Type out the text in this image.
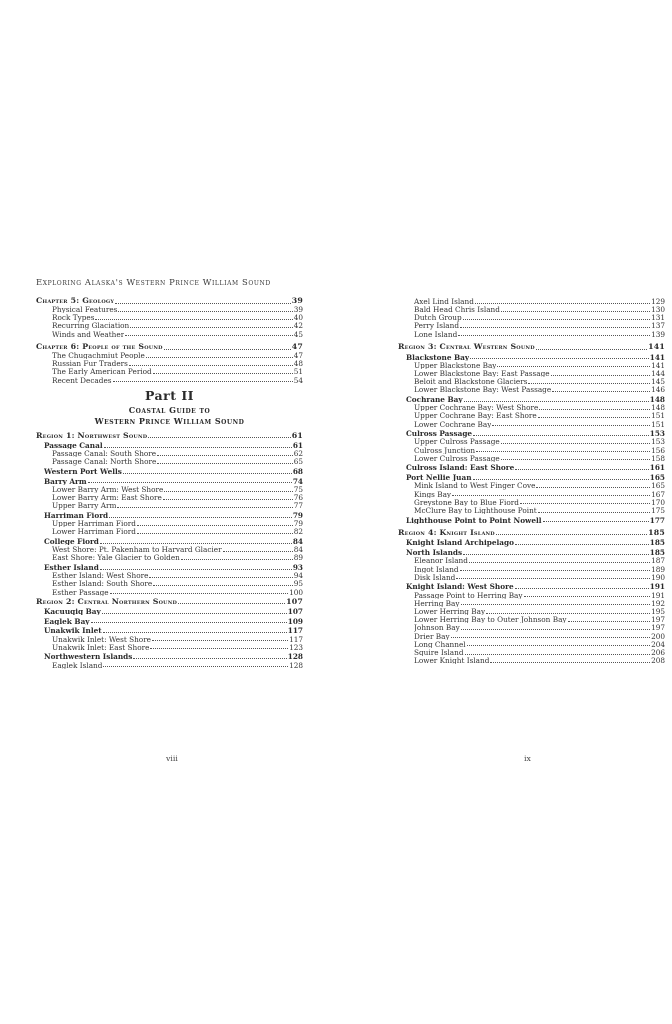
Exploring Alaska's Western Prince William Sound
Chapter 5: Geology	39
Physical Features	39
Rock Types	40
Recurring Glaciation	42
Winds and Weather	45
Chapter 6: People of the Sound	47
The Chugachmiut People	47
Russian Fur Traders	48
The Early American Period	51
Recent Decades	54
Part II
Coastal Guide to
Western Prince William Sound
Region 1: Northwest Sound	61
Passage Canal	61
Passage Canal: South Shore	62
Passage Canal: North Shore	65
Western Port Wells	68
Barry Arm	74
Lower Barry Arm: West Shore	75
Lower Barry Arm: East Shore	76
Upper Barry Arm	77
Harriman Fiord	79
Upper Harriman Fiord	79
Lower Harriman Fiord	82
College Fiord	84
West Shore: Pt. Pakenham to Harvard Glacier	84
East Shore: Yale Glacier to Golden	89
Esther Island	93
Esther Island: West Shore	94
Esther Island: South Shore	95
Esther Passage	100
Region 2: Central Northern Sound	107
Kacuuqiq Bay	107
Eaglek Bay	109
Unakwik Inlet	117
Unakwik Inlet: West Shore	117
Unakwik Inlet: East Shore	123
Northwestern Islands	128
Eaglek Island	128
Axel Lind Island	129
Bald Head Chris Island	130
Dutch Group	131
Perry Island	137
Lone Island	139
Region 3: Central Western Sound	141
Blackstone Bay	141
Upper Blackstone Bay	141
Lower Blackstone Bay: East Passage	144
Beloit and Blackstone Glaciers	145
Lower Blackstone Bay: West Passage	146
Cochrane Bay	148
Upper Cochrane Bay: West Shore	148
Upper Cochrane Bay: East Shore	151
Lower Cochrane Bay	151
Culross Passage	153
Upper Culross Passage	153
Culross Junction	156
Lower Culross Passage	158
Culross Island: East Shore	161
Port Nellie Juan	165
Mink Island to West Finger Cove	165
Kings Bay	167
Greystone Bay to Blue Fiord	170
McClure Bay to Lighthouse Point	175
Lighthouse Point to Point Nowell	177
Region 4: Knight Island	185
Knight Island Archipelago	185
North Islands	185
Eleanor Island	187
Ingot Island	189
Disk Island	190
Knight Island: West Shore	191
Passage Point to Herring Bay	191
Herring Bay	192
Lower Herring Bay	195
Lower Herring Bay to Outer Johnson Bay	197
Johnson Bay	197
Drier Bay	200
Long Channel	204
Squire Island	206
Lower Knight Island	208
viii	ix
